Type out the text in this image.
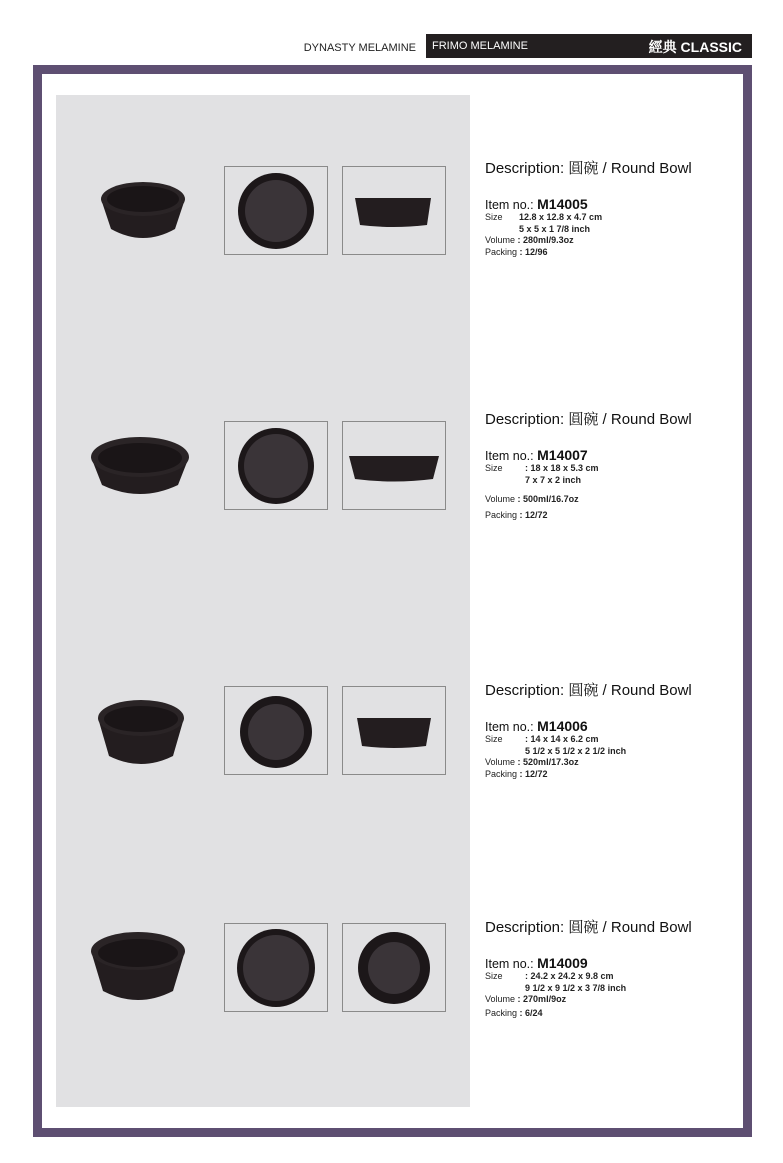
DYNASTY MELAMINE	FRIMO MELAMINE	經典 CLASSIC
Description: 圓碗 / Round Bowl
Item no.: M14005
Size 12.8 x 12.8 x 4.7 cm
5 x 5 x 1 7/8 inch
Volume : 280ml/9.3oz
Packing : 12/96
Description: 圓碗 / Round Bowl
Item no.: M14007
Size : 18 x 18 x 5.3 cm
7 x 7 x 2 inch
Volume : 500ml/16.7oz
Packing : 12/72
Description: 圓碗 / Round Bowl
Item no.: M14006
Size : 14 x 14 x 6.2 cm
5 1/2 x 5 1/2 x 2 1/2 inch
Volume : 520ml/17.3oz
Packing : 12/72
Description: 圓碗 / Round Bowl
Item no.: M14009
Size : 24.2 x 24.2 x 9.8 cm
9 1/2 x 9 1/2 x 3 7/8 inch
Volume : 270ml/9oz
Packing : 6/24
